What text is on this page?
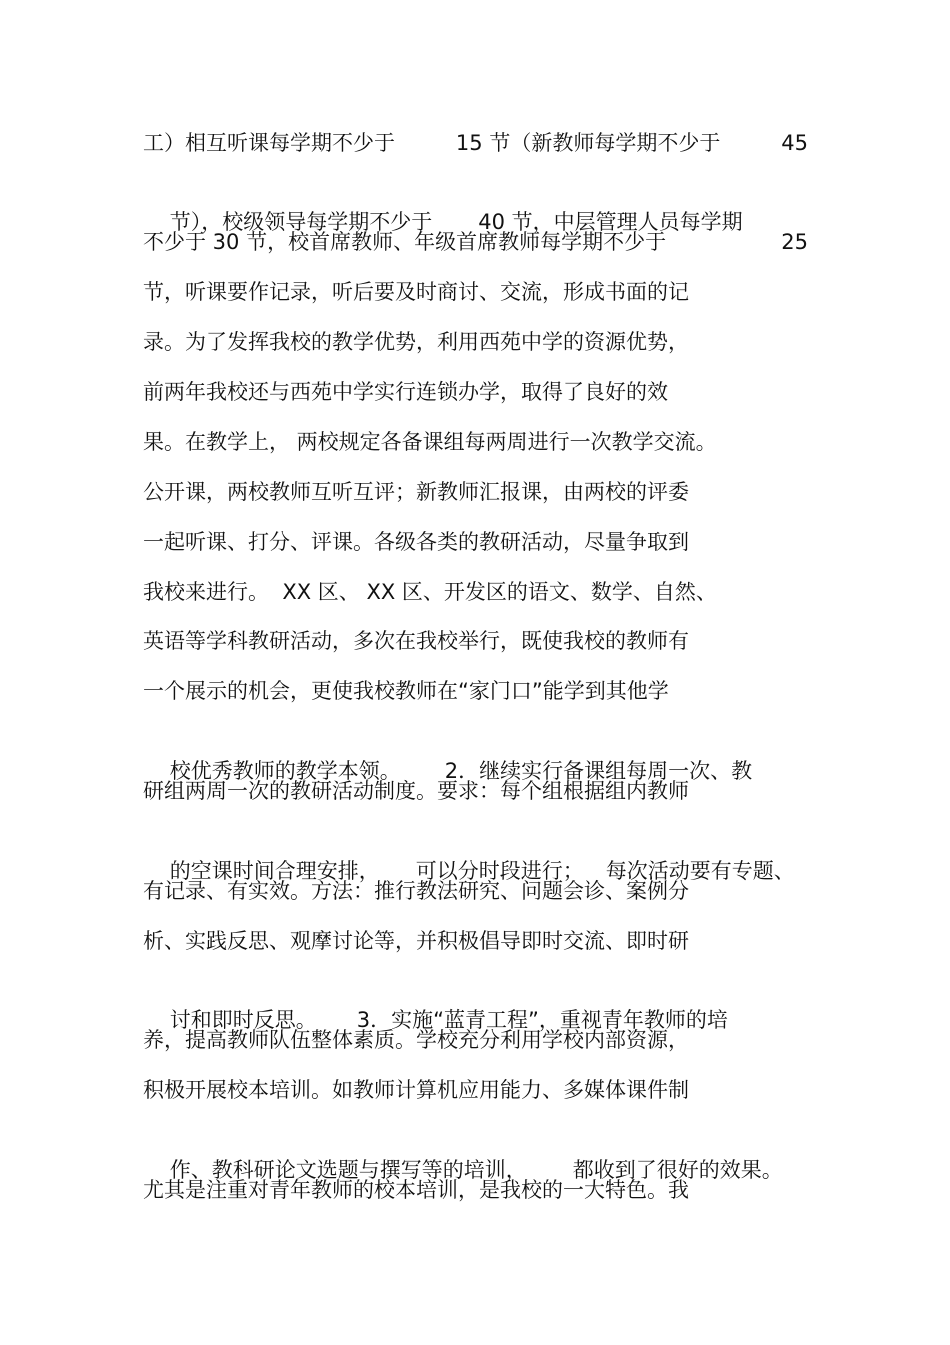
工）相互听课每学期不少于	15 节（新教师每学期不少于	45

节），校级领导每学期不少于 40 节，中层管理人员每学期

不少于 30 节，校首席教师、年级首席教师每学期不少于	25
节，听课要作记录，听后要及时商讨、交流，形成书面的记
录。为了发挥我校的教学优势，利用西苑中学的资源优势，
前两年我校还与西苑中学实行连锁办学，取得了良好的效
果。在教学上， 两校规定各备课组每两周进行一次教学交流。
公开课，两校教师互听互评；新教师汇报课，由两校的评委
一起听课、打分、评课。各级各类的教研活动，尽量争取到
我校来进行。  XX 区、 XX 区、开发区的语文、数学、自然、
英语等学科教研活动，多次在我校举行，既使我校的教师有
一个展示的机会，更使我校教师在“家门口”能学到其他学

校优秀教师的教学本领。 2．继续实行备课组每周一次、教

研组两周一次的教研活动制度。要求：每个组根据组内教师

的空课时间合理安排， 可以分时段进行； 每次活动要有专题、

有记录、有实效。方法：推行教法研究、问题会诊、案例分
析、实践反思、观摩讨论等，并积极倡导即时交流、即时研

讨和即时反思。 3．实施“蓝青工程”，重视青年教师的培

养，提高教师队伍整体素质。学校充分利用学校内部资源，
积极开展校本培训。如教师计算机应用能力、多媒体课件制

作、教科研论文选题与撰写等的培训， 都收到了很好的效果。

尤其是注重对青年教师的校本培训，是我校的一大特色。我
